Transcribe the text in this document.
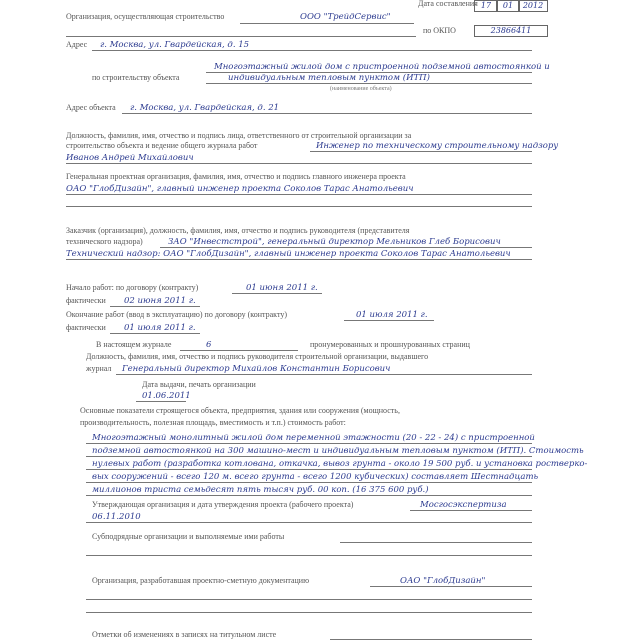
Дата составления 17	01	2012
Организация, осуществляющая строительство	ООО "ТрейдСервис"
по ОКПО	23866411
Адрес г. Москва, ул. Гвардейская, д. 15
Многоэтажный жилой дом с пристроенной подземной автостоянкой и
по строительству объекта	индивидуальным тепловым пунктом (ИТП)
(наименование объекта)
Адрес объекта г. Москва, ул. Гвардейская, д. 21
Должность, фамилия, имя, отчество и подпись лица, ответственного от строительной организации за
строительство объекта и ведение общего журнала работ	Инженер по техническому строительному надзору
Иванов Андрей Михайлович
Генеральная проектная организация, фамилия, имя, отчество и подпись главного инженера проекта
ОАО "ГлобДизайн", главный инженер проекта Соколов Тарас Анатольевич
Заказчик (организация), должность, фамилия, имя, отчество и подпись руководителя (представителя
технического надзора)	ЗАО "Инвестстрой", генеральный директор Мельников Глеб Борисович
Технический надзор: ОАО "ГлобДизайн", главный инженер проекта Соколов Тарас Анатольевич
Начало работ: по договору (контракту)	01 июня 2011 г.
фактически 02 июня 2011 г.
Окончание работ (ввод в эксплуатацию) по договору (контракту)	01 июля 2011 г.
фактически 01 июля 2011 г.
В настоящем журнале	6	пронумерованных и прошнурованных страниц
Должность, фамилия, имя, отчество и подпись руководителя строительной организации, выдавшего
журнал Генеральный директор Михайлов Константин Борисович
Дата выдачи, печать организации
01.06.2011
Основные показатели строящегося объекта, предприятия, здания или сооружения (мощность,
производительность, полезная площадь, вместимость и т.п.) стоимость работ:
Многоэтажный монолитный жилой дом переменной этажности (20 - 22 - 24) с пристроенной
подземной автостоянкой на 300 машино-мест и индивидуальным тепловым пунктом (ИТП). Стоимость
нулевых работ (разработка котлована, откачка, вывоз грунта - около 19 500 руб. и установка ростверко-
вых сооружений - всего 120 м. всего грунта - всего 1200 кубических) составляет Шестнадцать
миллионов триста семьдесят пять тысяч руб. 00 коп. (16 375 600 руб.)
Утверждающая организация и дата утверждения проекта (рабочего проекта)	Мосгосэкспертиза
06.11.2010
Субподрядные организации и выполняемые ими работы
Организация, разработавшая проектно-сметную документацию	ОАО "ГлобДизайн"
Отметки об изменениях в записях на титульном листе
